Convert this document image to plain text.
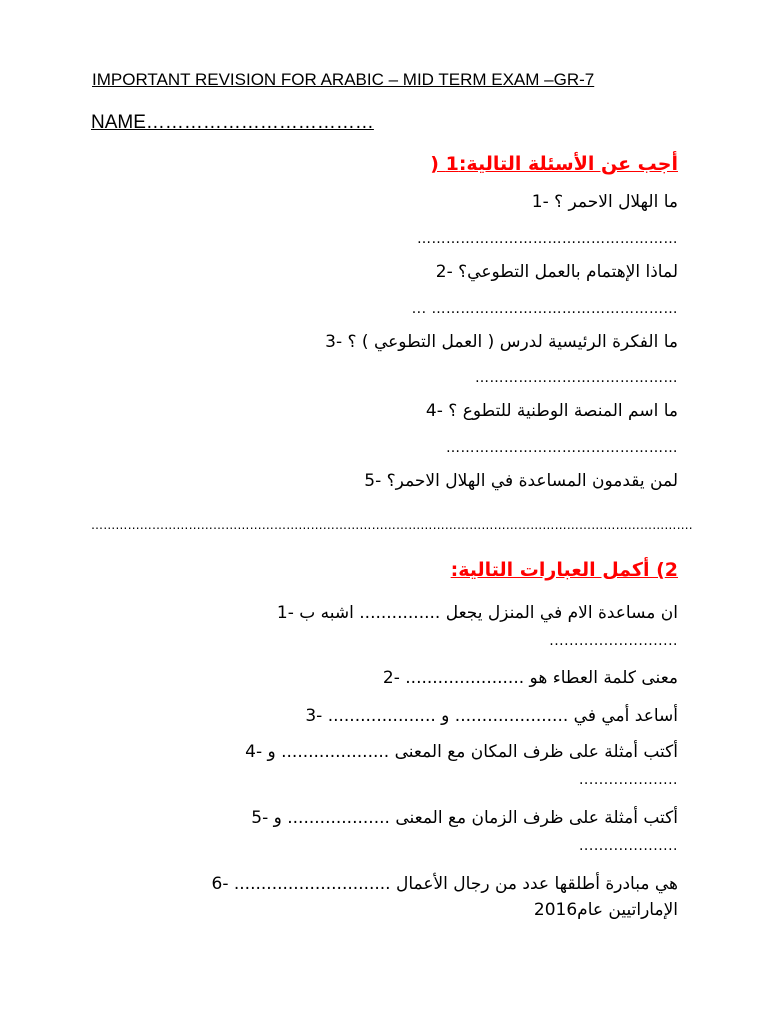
IMPORTANT REVISION FOR ARABIC – MID TERM EXAM –GR-7
NAME………………………………
أجب عن الأسئلة التالية:1 (
ما الهلال الاحمر ؟ -1
………………………………………………
لماذا الإهتمام بالعمل التطوعي؟ -2
... ……………………………………………
ما الفكرة الرئيسية لدرس ( العمل التطوعي ) ؟ -3
……………………………………
ما اسم المنصة الوطنية للتطوع ؟ -4
…………………………………………
لمن يقدمون المساعدة في الهلال الاحمر؟ -5
………………………………………………………………………………………………………………………………….
2) أكمل العبارات التالية:
ان مساعدة الام في المنزل يجعل ............... اشبه ب -1
..........................
معنى كلمة العطاء هو ...................... -2
أساعد أمي في ..................... و .................... -3
أكتب أمثلة على ظرف المكان مع المعنى .................... و -4
....................
أكتب أمثلة على ظرف الزمان مع المعنى ................... و -5
....................
هي مبادرة أطلقها عدد من رجال الأعمال ............................. -6
الإماراتيين عام2016
